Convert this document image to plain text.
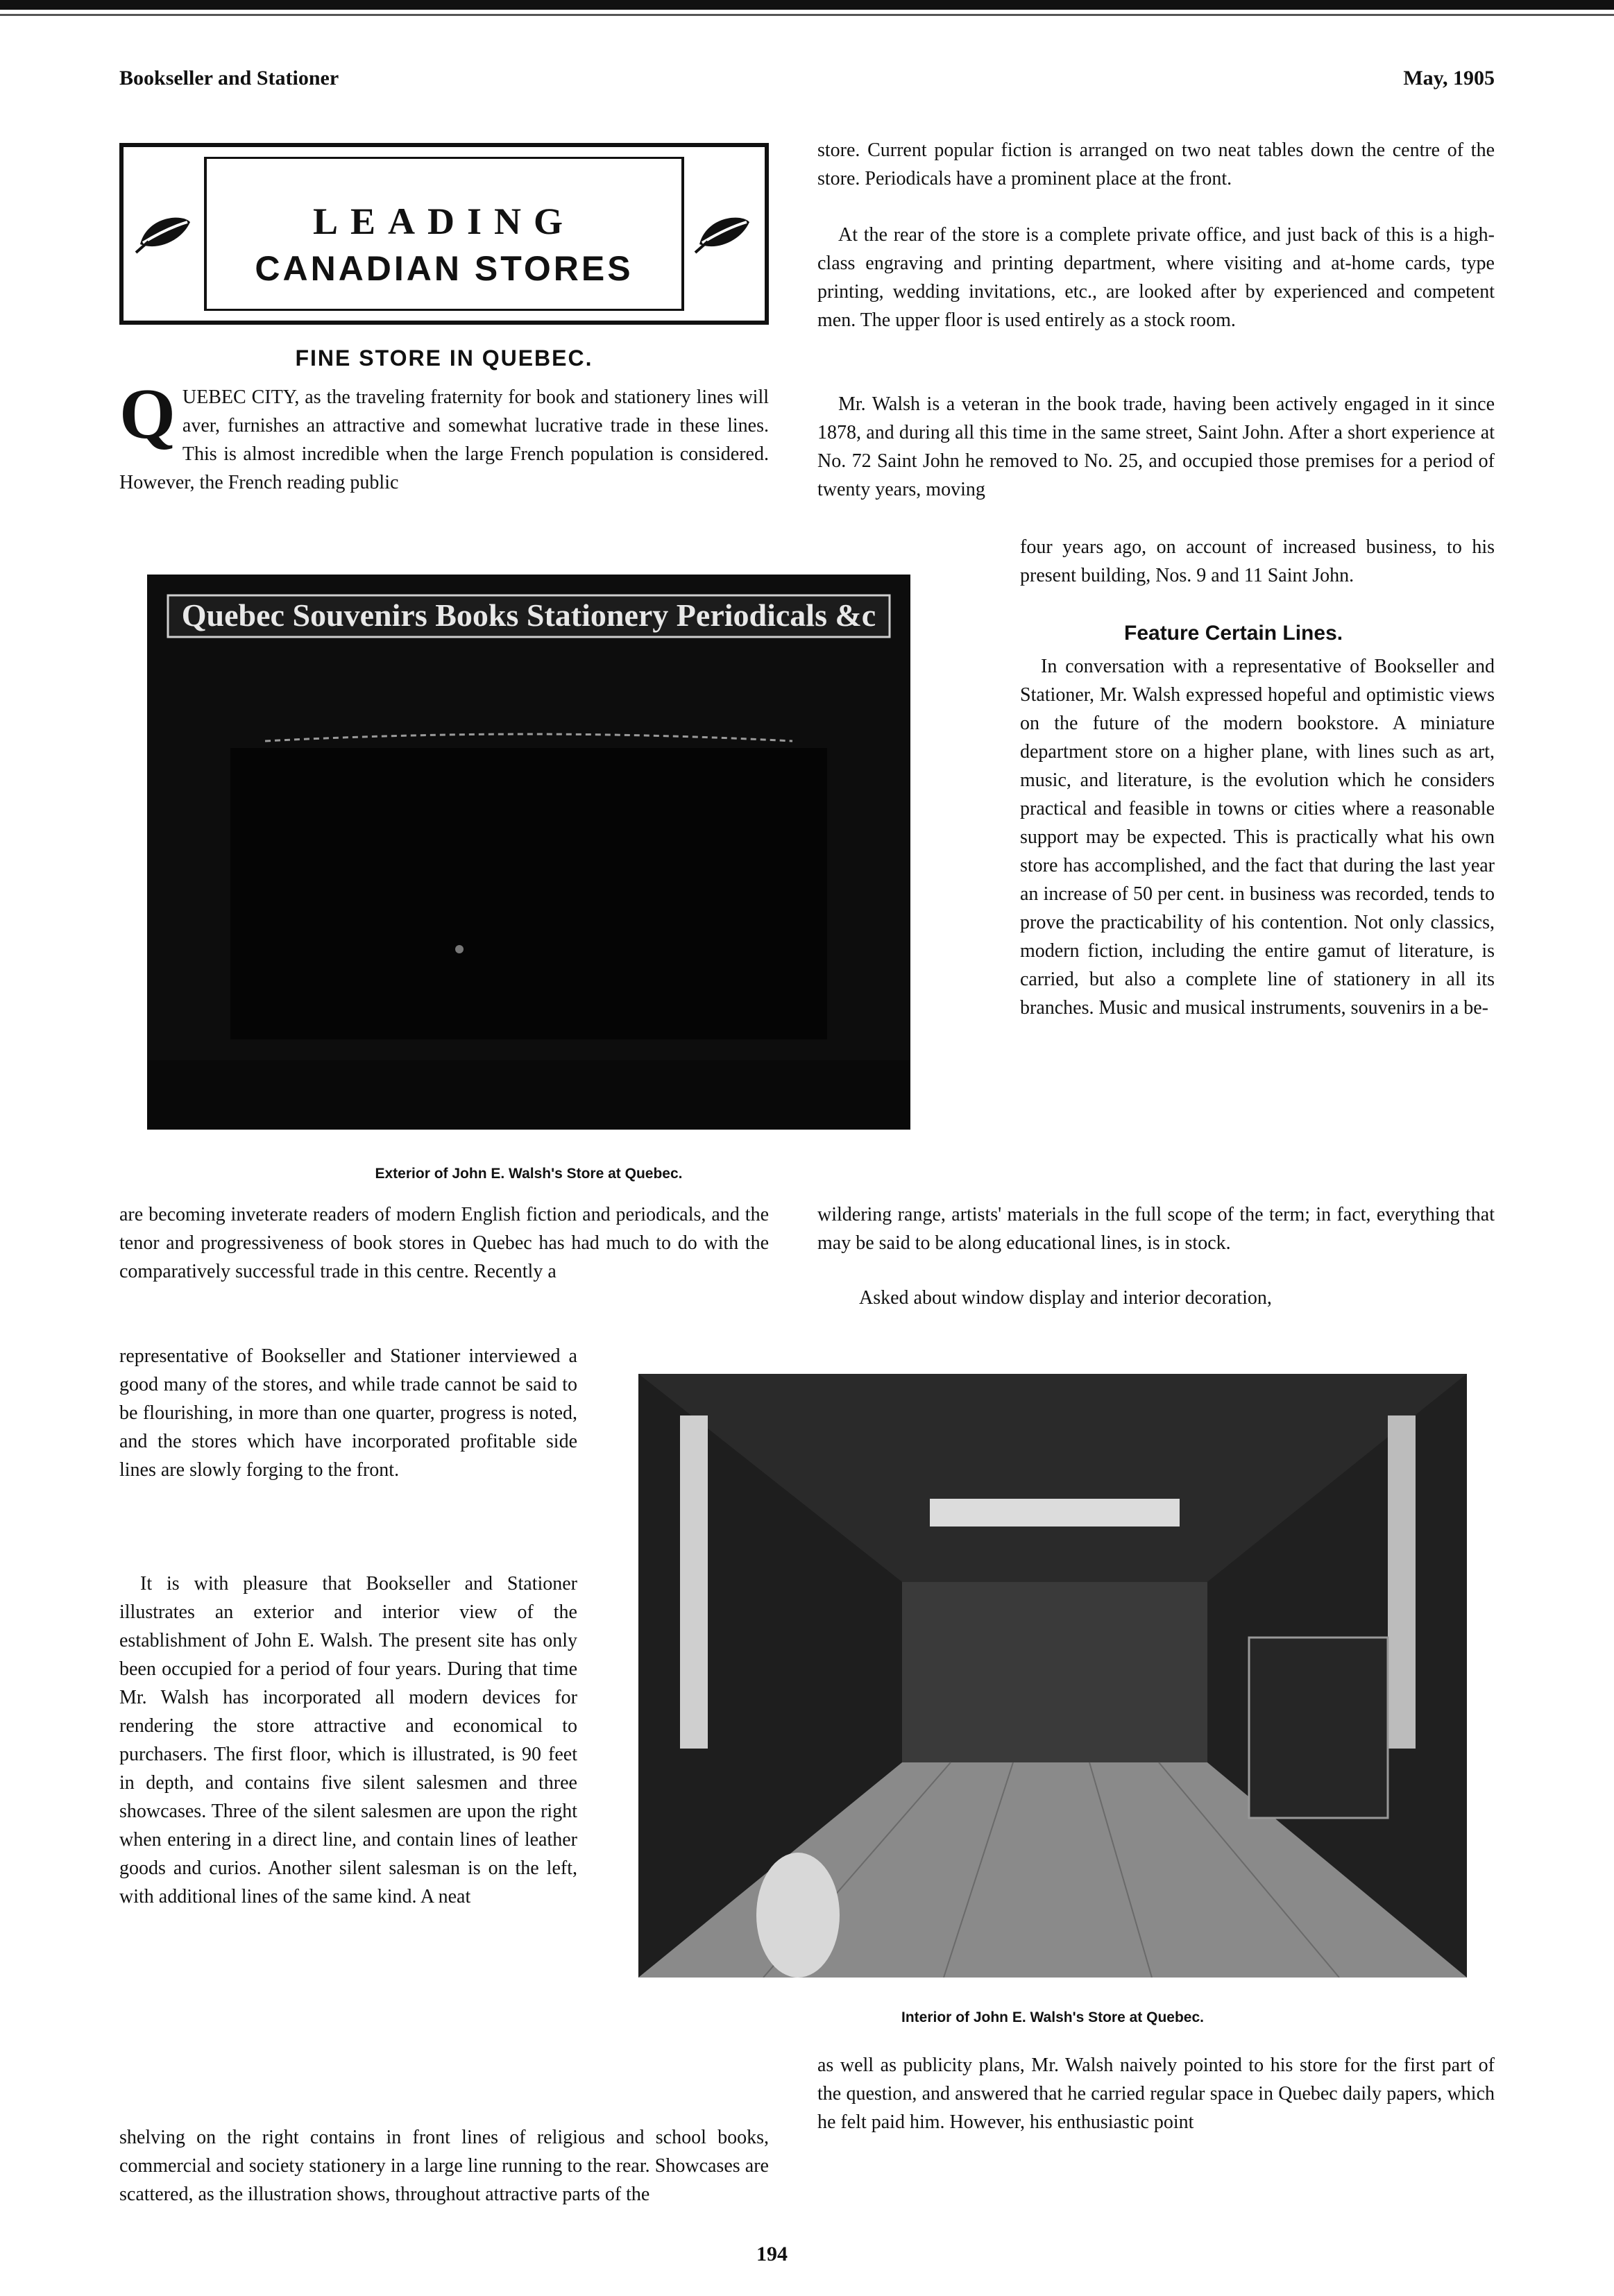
Bookseller and Stationer	May, 1905
LEADING
CANADIAN STORES
FINE STORE IN QUEBEC.

QUEBEC CITY, as the traveling fraternity for book and stationery lines will aver, furnishes an attractive and somewhat lucrative trade in these lines. This is almost incredible when the large French population is considered. However, the French reading public

store. Current popular fiction is arranged on two neat tables down the centre of the store. Periodicals have a prominent place at the front.

At the rear of the store is a complete private office, and just back of this is a high-class engraving and printing department, where visiting and at-home cards, type printing, wedding invitations, etc., are looked after by experienced and competent men. The upper floor is used entirely as a stock room.

Mr. Walsh is a veteran in the book trade, having been actively engaged in it since 1878, and during all this time in the same street, Saint John. After a short experience at No. 72 Saint John he removed to No. 25, and occupied those premises for a period of twenty years, moving

Quebec Souvenirs Books Stationery Periodicals &c
Exterior of John E. Walsh's Store at Quebec.

four years ago, on account of increased business, to his present building, Nos. 9 and 11 Saint John.

Feature Certain Lines.

In conversation with a representative of Bookseller and Stationer, Mr. Walsh expressed hopeful and optimistic views on the future of the modern bookstore. A miniature department store on a higher plane, with lines such as art, music, and literature, is the evolution which he considers practical and feasible in towns or cities where a reasonable support may be expected. This is practically what his own store has accomplished, and the fact that during the last year an increase of 50 per cent. in business was recorded, tends to prove the practicability of his contention. Not only classics, modern fiction, including the entire gamut of literature, is carried, but also a complete line of stationery in all its branches. Music and musical instruments, souvenirs in a be-

wildering range, artists' materials in the full scope of the term; in fact, everything that may be said to be along educational lines, is in stock.

Asked about window display and interior decoration,

are becoming inveterate readers of modern English fiction and periodicals, and the tenor and progressiveness of book stores in Quebec has had much to do with the comparatively successful trade in this centre. Recently a

representative of Bookseller and Stationer interviewed a good many of the stores, and while trade cannot be said to be flourishing, in more than one quarter, progress is noted, and the stores which have incorporated profitable side lines are slowly forging to the front.

It is with pleasure that Bookseller and Stationer illustrates an exterior and interior view of the establishment of John E. Walsh. The present site has only been occupied for a period of four years. During that time Mr. Walsh has incorporated all modern devices for rendering the store attractive and economical to purchasers. The first floor, which is illustrated, is 90 feet in depth, and contains five silent salesmen and three showcases. Three of the silent salesmen are upon the right when entering in a direct line, and contain lines of leather goods and curios. Another silent salesman is on the left, with additional lines of the same kind. A neat

shelving on the right contains in front lines of religious and school books, commercial and society stationery in a large line running to the rear. Showcases are scattered, as the illustration shows, throughout attractive parts of the

Interior of John E. Walsh's Store at Quebec.

as well as publicity plans, Mr. Walsh naively pointed to his store for the first part of the question, and answered that he carried regular space in Quebec daily papers, which he felt paid him. However, his enthusiastic point

194
